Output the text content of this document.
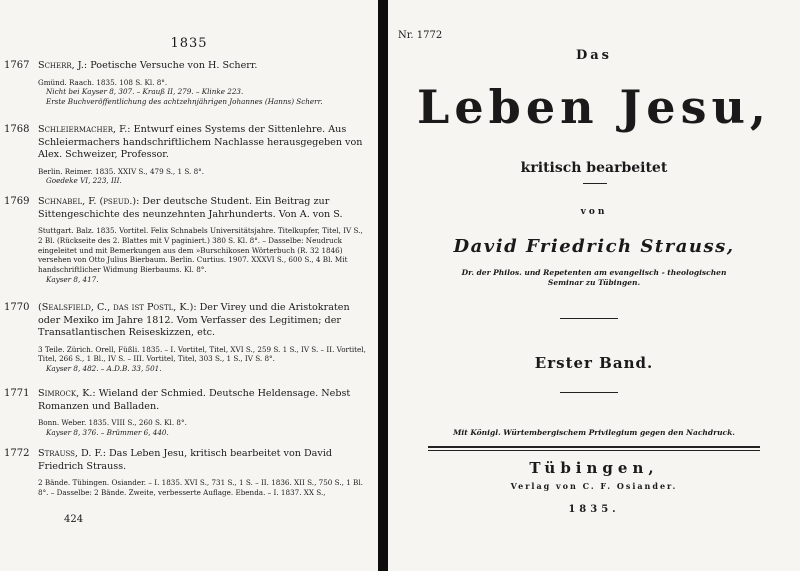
1835
1767 Scherr, J.: Poetische Versuche von H. Scherr.

Gmünd. Raach. 1835. 108 S. Kl. 8°.

Nicht bei Kayser 8, 307. – Krauß II, 279. – Klinke 223.

Erste Buchveröffentlichung des achtzehnjährigen Johannes (Hanns) Scherr.

1768 Schleiermacher, F.: Entwurf eines Systems der Sittenlehre. Aus Schleiermachers handschriftlichem Nachlasse herausgegeben von Alex. Schweizer, Professor.

Berlin. Reimer. 1835. XXIV S., 479 S., 1 S. 8°.

Goedeke VI, 223, III.

1769 Schnabel, F. (pseud.): Der deutsche Student. Ein Beitrag zur Sittengeschichte des neunzehnten Jahrhunderts. Von A. von S.

Stuttgart. Balz. 1835. Vortitel. Felix Schnabels Universitätsjahre. Titelkupfer, Titel, IV S., 2 Bl. (Rückseite des 2. Blattes mit V paginiert.) 380 S. Kl. 8°. – Dasselbe: Neudruck eingeleitet und mit Bemerkungen aus dem »Burschikosen Wörterbuch (R. 32 1846) versehen von Otto Julius Bierbaum. Berlin. Curtius. 1907. XXXVI S., 600 S., 4 Bl. Mit handschriftlicher Widmung Bierbaums. Kl. 8°.

Kayser 8, 417.

1770 (Sealsfield, C., das ist Postl, K.): Der Virey und die Aristokraten oder Mexiko im Jahre 1812. Vom Verfasser des Legitimen; der Transatlantischen Reiseskizzen, etc.

3 Teile. Zürich. Orell, Füßli. 1835. – I. Vortitel, Titel, XVI S., 259 S. 1 S., IV S. – II. Vortitel, Titel, 266 S., 1 Bl., IV S. – III. Vortitel, Titel, 303 S., 1 S., IV S. 8°.

Kayser 8, 482. – A.D.B. 33, 501.

1771 Simrock, K.: Wieland der Schmied. Deutsche Heldensage. Nebst Romanzen und Balladen.

Bonn. Weber. 1835. VIII S., 260 S. Kl. 8°.

Kayser 8, 376. – Brümmer 6, 440.

1772 Strauss, D. F.: Das Leben Jesu, kritisch bearbeitet von David Friedrich Strauss.

2 Bände. Tübingen. Osiander. – I. 1835. XVI S., 731 S., 1 S. – II. 1836. XII S., 750 S., 1 Bl. 8°. – Dasselbe: 2 Bände. Zweite, verbesserte Auflage. Ebenda. – I. 1837. XX S.,

424
Nr. 1772
Das
Leben Jesu,
kritisch bearbeitet
von
David Friedrich Strauss,
Dr. der Philos. und Repetenten am evangelisch - theologischen
Seminar zu Tübingen.
Erster Band.
Mit Königl. Würtembergischem Privilegium gegen den Nachdruck.
Tübingen,
Verlag von C. F. Osiander.
1835.
